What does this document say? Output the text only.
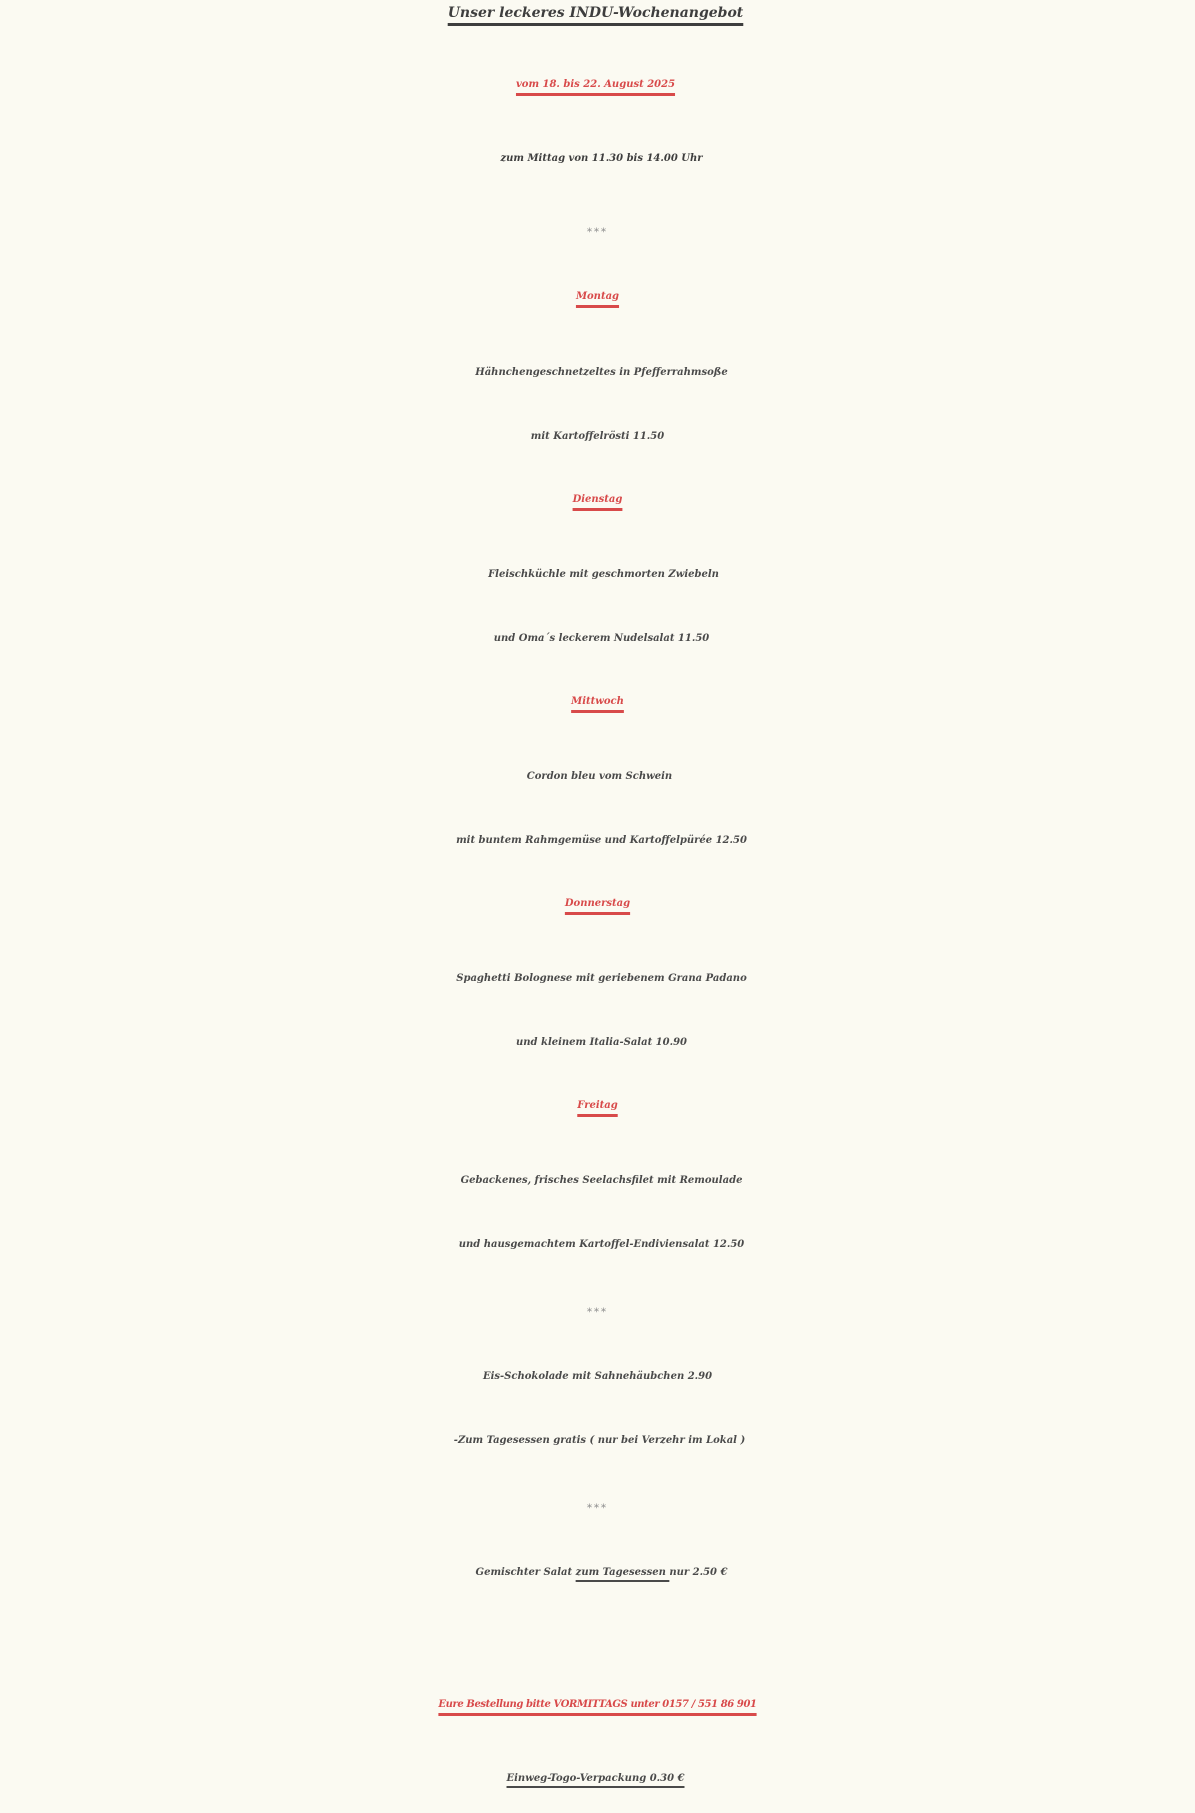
Unser leckeres INDU-Wochenangebot
vom 18. bis 22. August 2025
zum Mittag von 11.30 bis 14.00 Uhr
***
Montag
Hähnchengeschnetzeltes in Pfefferrahmsoße
mit Kartoffelrösti 11.50
Dienstag
Fleischküchle mit geschmorten Zwiebeln
und Oma´s leckerem Nudelsalat 11.50
Mittwoch
Cordon bleu vom Schwein
mit buntem Rahmgemüse und Kartoffelpürée 12.50
Donnerstag
Spaghetti Bolognese mit geriebenem Grana Padano
und kleinem Italia-Salat 10.90
Freitag
Gebackenes, frisches Seelachsfilet mit Remoulade
und hausgemachtem Kartoffel-Endiviensalat 12.50
***
Eis-Schokolade mit Sahnehäubchen 2.90
-Zum Tagesessen gratis ( nur bei Verzehr im Lokal )
***
Gemischter Salat zum Tagesessen nur 2.50 €
Eure Bestellung bitte VORMITTAGS unter 0157 / 551 86 901
Einweg-Togo-Verpackung 0.30 €
